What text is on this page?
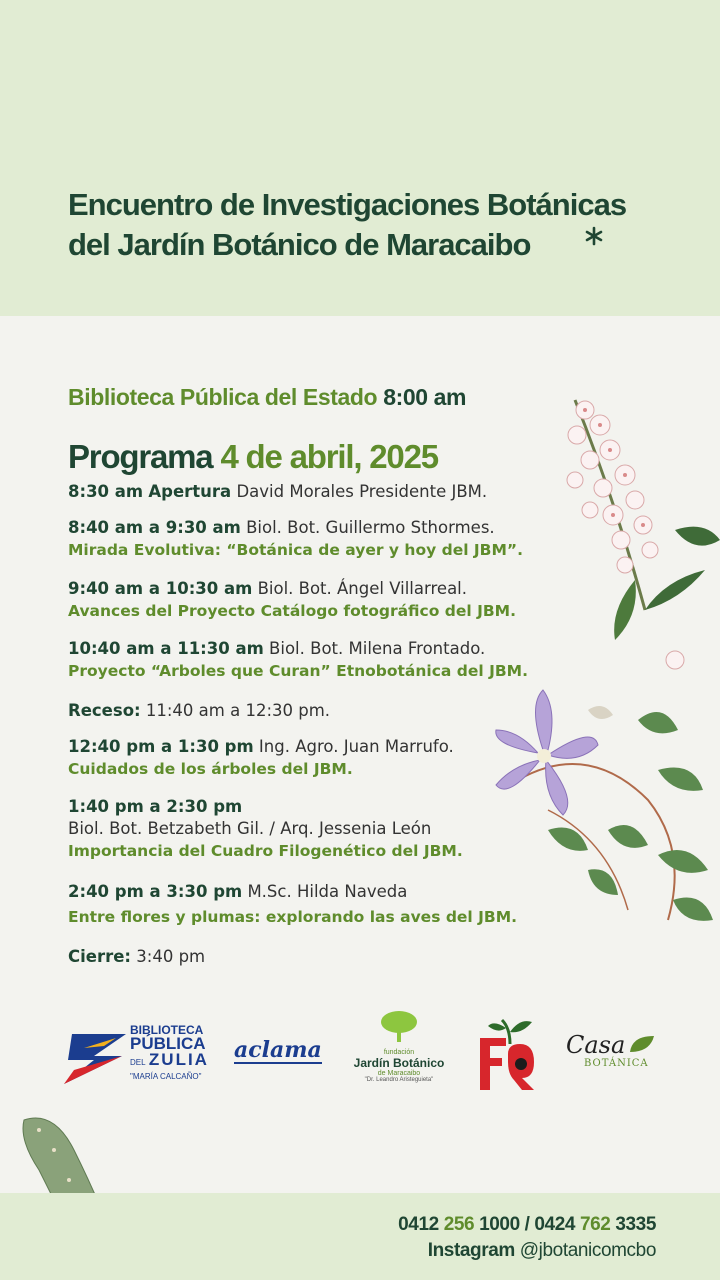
Encuentro de Investigaciones Botánicas
del Jardín Botánico de Maracaibo
Biblioteca Pública del Estado 8:00 am
Programa 4 de abril, 2025
8:30 am Apertura David Morales Presidente JBM.
8:40 am a 9:30 am Biol. Bot. Guillermo Sthormes.
Mirada Evolutiva: “Botánica de ayer y hoy del JBM”.
9:40 am a 10:30 am Biol. Bot. Ángel Villarreal.
Avances del Proyecto Catálogo fotográfico del JBM.
10:40 am a 11:30 am Biol. Bot. Milena Frontado.
Proyecto “Arboles que Curan” Etnobotánica del JBM.
Receso: 11:40 am a 12:30 pm.
12:40 pm a 1:30 pm Ing. Agro. Juan Marrufo.
Cuidados de los árboles del JBM.
1:40 pm a 2:30 pm
Biol. Bot. Betzabeth Gil. / Arq. Jessenia León
Importancia del Cuadro Filogenético del JBM.
2:40 pm a 3:30 pm M.Sc. Hilda Naveda
Entre flores y plumas: explorando las aves del JBM.
Cierre: 3:40 pm
BIBLIOTECA
PÚBLICA
DEL ZULIA
"MARÍA CALCAÑO"
aclama	fundación
Jardín Botánico
de Maracaibo
"Dr. Leandro Aristeguieta"
Casa
BOTÁNICA
0412 256 1000 / 0424 762 3335
Instagram @jbotanicomcbo
